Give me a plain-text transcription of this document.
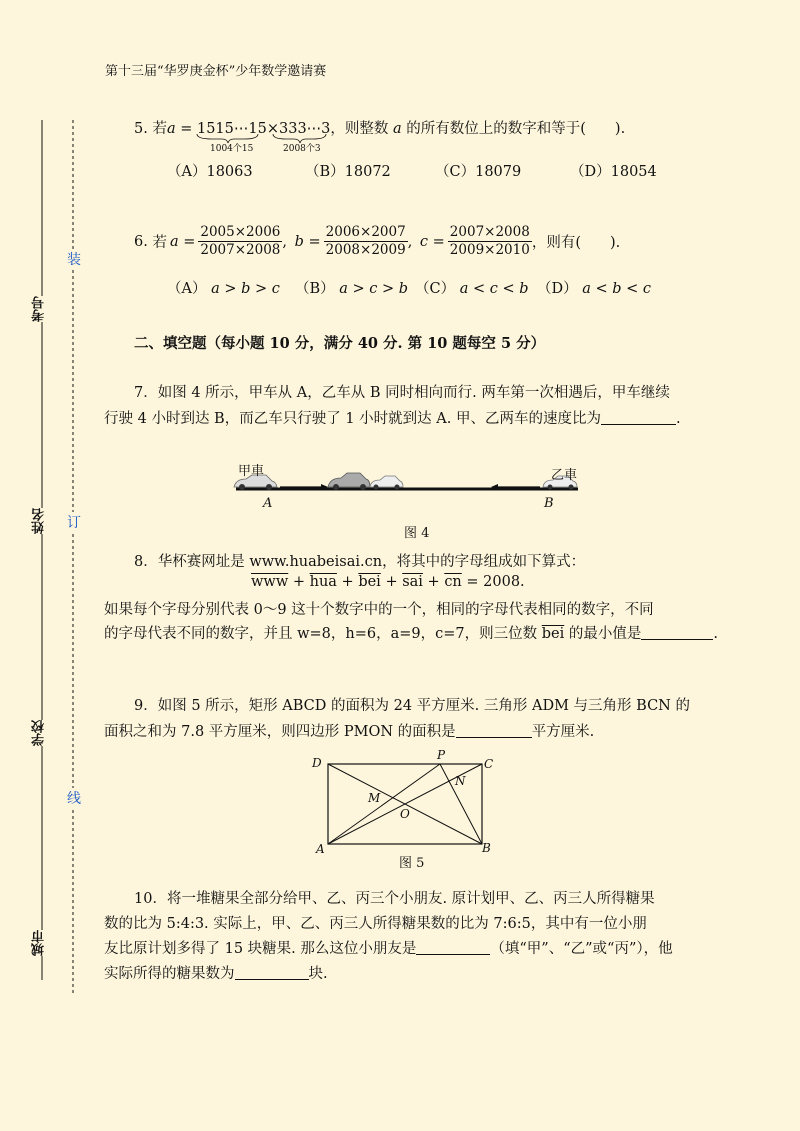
第十三届“华罗庚金杯”少年数学邀请赛
考号
姓名
学校
城市
装
订
线
5. 若a = 1515⋯15×333⋯3，则整数 a 的所有数位上的数字和等于(　　).
1004个15	2008个3
（A）18063	（B）18072	（C）18079	（D）18054
6.
若 $a = \frac{2005\times 2006}{2007\times 2008}$ ,
$b = \frac{2006\times 2007}{2008\times 2009}$ ,
$c = \frac{2007\times 2008}{2009\times 2010}$ ，则有(　　).
（A） a > b > c （B） a > c > b （C） a < c < b （D） a < b < c
二、填空题（每小题 10 分，满分 40 分. 第 10 题每空 5 分）
7．如图 4 所示，甲车从 A，乙车从 B 同时相向而行. 两车第一次相遇后，甲车继续
行驶 4 小时到达 B，而乙车只行驶了 1 小时就到达 A. 甲、乙两车的速度比为	.
甲車	乙車
A	B
图 4
8．华杯赛网址是 www.huabeisai.cn，将其中的字母组成如下算式：
$\overline{www} + \overline{hua} + \overline{bei} + \overline{sai} + \overline{cn} = 2008$.
如果每个字母分别代表 0～9 这十个数字中的一个，相同的字母代表相同的数字，不同
的字母代表不同的数字，并且 w=8，h=6，a=9，c=7，则三位数 $\overline{bei}$ 的最小值是	.
9．如图 5 所示，矩形 ABCD 的面积为 24 平方厘米. 三角形 ADM 与三角形 BCN 的
面积之和为 7.8 平方厘米，则四边形 PMON 的面积是	平方厘米.
D
P
C
N
M
O
A	B
图 5
10．将一堆糖果全部分给甲、乙、丙三个小朋友. 原计划甲、乙、丙三人所得糖果
数的比为 5:4:3. 实际上，甲、乙、丙三人所得糖果数的比为 7:6:5，其中有一位小朋
友比原计划多得了 15 块糖果. 那么这位小朋友是	（填“甲”、“乙”或“丙”），他
实际所得的糖果数为	块.
